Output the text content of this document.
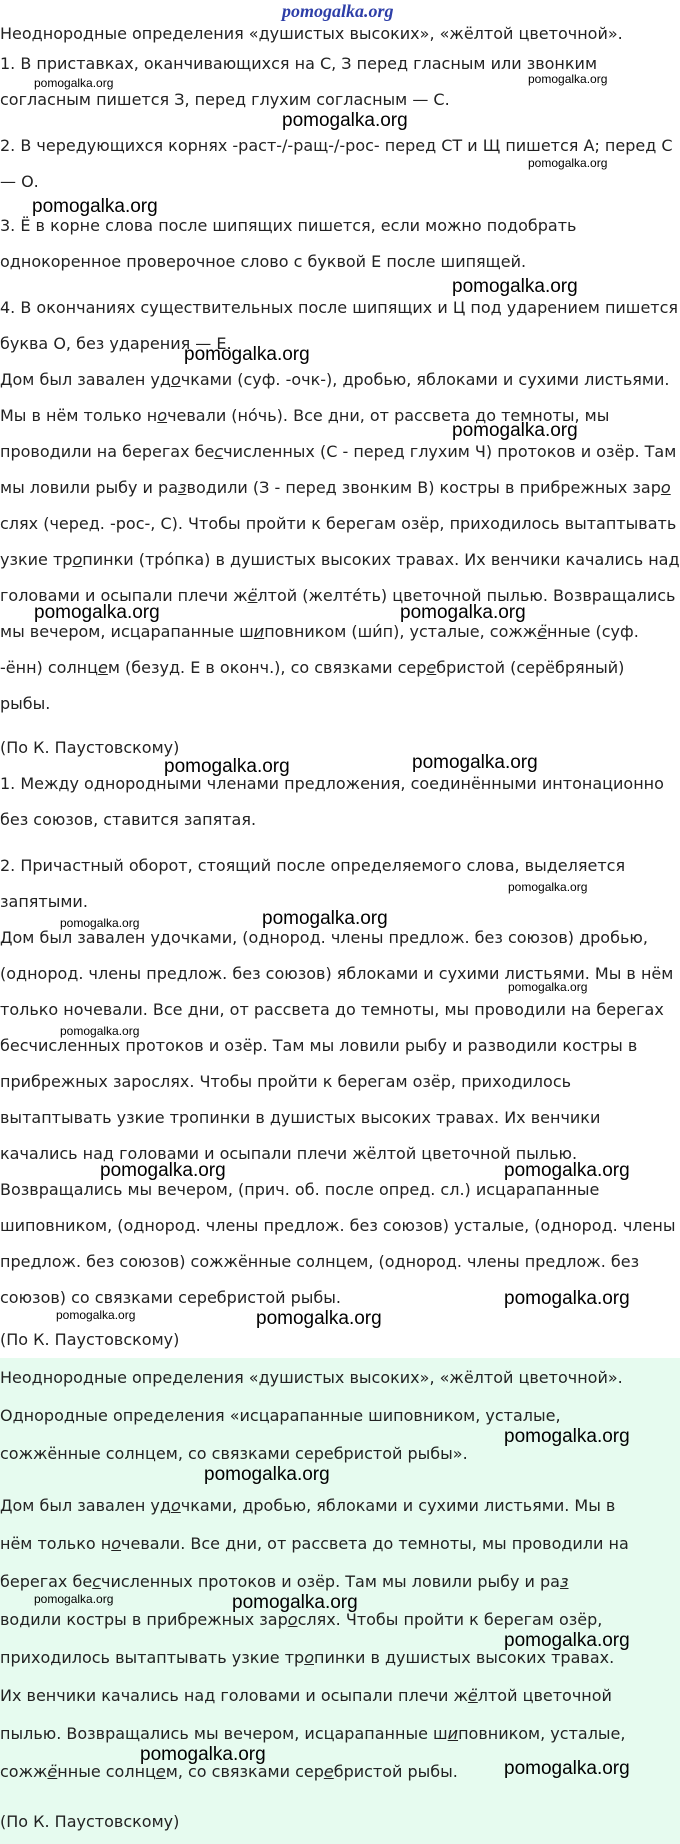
pomogalka.org
Неоднородные определения «душистых высоких», «жёлтой цветочной».
1. В приставках, оканчивающихся на С, З перед гласным или звонким
согласным пишется З, перед глухим согласным — С.
2. В чередующихся корнях -раст-/-ращ-/-рос- перед СТ и Щ пишется А; перед С
— О.
3. Ё в корне слова после шипящих пишется, если можно подобрать
однокоренное проверочное слово с буквой Е после шипящей.
4. В окончаниях существительных после шипящих и Ц под ударением пишется
буква О, без ударения — Е.
Дом был завален удочками (суф. -очк-), дробью, яблоками и сухими листьями.
Мы в нём только ночевали (но́чь). Все дни, от рассвета до темноты, мы
проводили на берегах бесчисленных (С - перед глухим Ч) протоков и озёр. Там
мы ловили рыбу и разводили (З - перед звонким В) костры в прибрежных заро
слях (черед. -рос-, С). Чтобы пройти к берегам озёр, приходилось вытаптывать
узкие тропинки (тро́пка) в душистых высоких травах. Их венчики качались над
головами и осыпали плечи жёлтой (желте́ть) цветочной пылью. Возвращались
мы вечером, исцарапанные шиповником (ши́п), усталые, сожжённые (суф.
-ённ) солнцем (безуд. Е в оконч.), со связками серебристой (серёбряный)
рыбы.
(По К. Паустовскому)
1. Между однородными членами предложения, соединёнными интонационно
без союзов, ставится запятая.
2. Причастный оборот, стоящий после определяемого слова, выделяется
запятыми.
Дом был завален удочками, (однород. члены предлож. без союзов) дробью,
(однород. члены предлож. без союзов) яблоками и сухими листьями. Мы в нём
только ночевали. Все дни, от рассвета до темноты, мы проводили на берегах
бесчисленных протоков и озёр. Там мы ловили рыбу и разводили костры в
прибрежных зарослях. Чтобы пройти к берегам озёр, приходилось
вытаптывать узкие тропинки в душистых высоких травах. Их венчики
качались над головами и осыпали плечи жёлтой цветочной пылью.
Возвращались мы вечером, (прич. об. после опред. сл.) исцарапанные
шиповником, (однород. члены предлож. без союзов) усталые, (однород. члены
предлож. без союзов) сожжённые солнцем, (однород. члены предлож. без
союзов) со связками серебристой рыбы.
(По К. Паустовскому)
Неоднородные определения «душистых высоких», «жёлтой цветочной».
Однородные определения «исцарапанные шиповником, усталые,
сожжённые солнцем, со связками серебристой рыбы».
Дом был завален удочками, дробью, яблоками и сухими листьями. Мы в
нём только ночевали. Все дни, от рассвета до темноты, мы проводили на
берегах бесчисленных протоков и озёр. Там мы ловили рыбу и раз
водили костры в прибрежных зарослях. Чтобы пройти к берегам озёр,
приходилось вытаптывать узкие тропинки в душистых высоких травах.
Их венчики качались над головами и осыпали плечи жёлтой цветочной
пылью. Возвращались мы вечером, исцарапанные шиповником, усталые,
сожжённые солнцем, со связками серебристой рыбы.
(По К. Паустовскому)
pomogalka.org	pomogalka.org
pomogalka.org
pomogalka.org
pomogalka.org
pomogalka.org
pomogalka.org
pomogalka.org
pomogalka.org	pomogalka.org
pomogalka.org	pomogalka.org
pomogalka.org
pomogalka.org
pomogalka.org
pomogalka.org
pomogalka.org
pomogalka.org	pomogalka.org
pomogalka.org
pomogalka.org	pomogalka.org
pomogalka.org
pomogalka.org
pomogalka.org	pomogalka.org
pomogalka.org
pomogalka.org
pomogalka.org
